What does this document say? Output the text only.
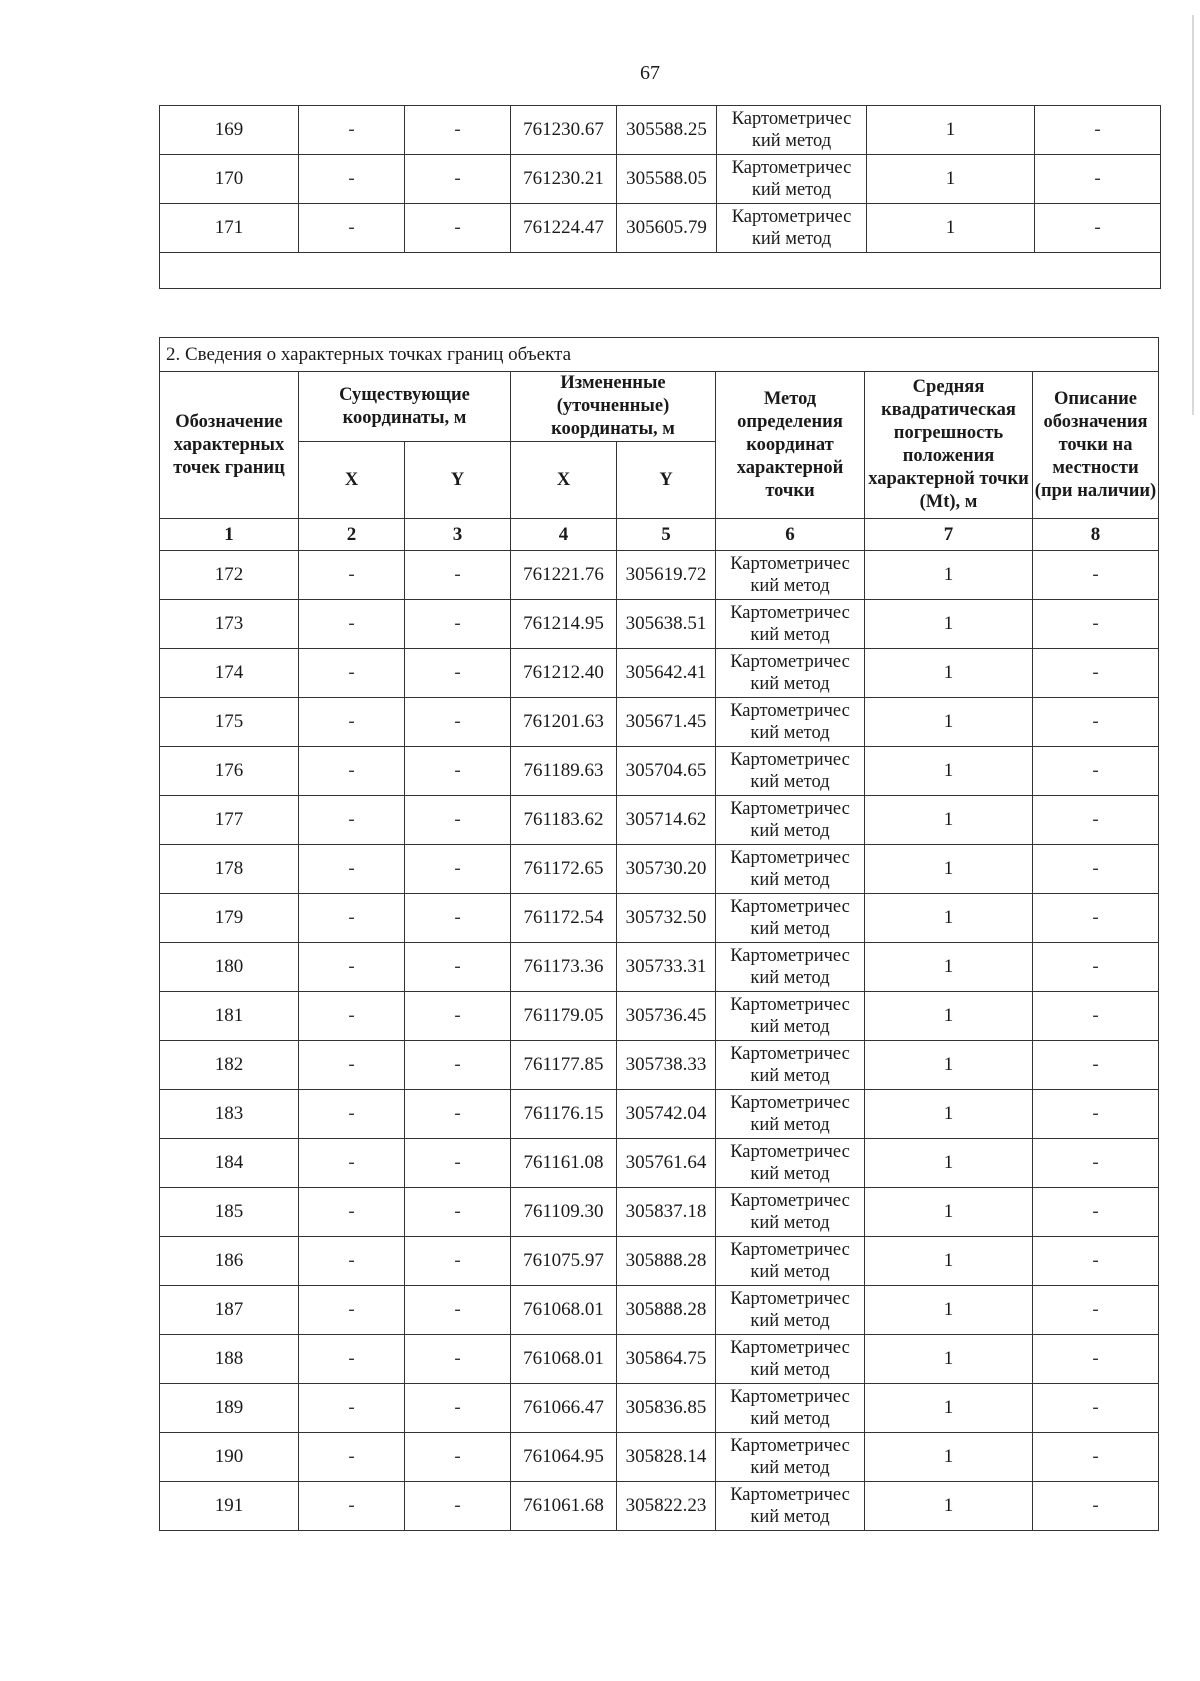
67
169	-	-	761230.67	305588.25	Картометричес
кий метод	1	-
170	-	-	761230.21	305588.05	Картометричес
кий метод	1	-
171	-	-	761224.47	305605.79	Картометричес
кий метод	1	-

2. Сведения о характерных точках границ объекта							
Обозначение характерных точек границ	Существующие координаты, м		Измененные (уточненные) координаты, м		Метод определения координат характерной точки	Средняя квадратическая погрешность положения характерной точки (Mt), м	Описание обозначения точки на местности (при наличии)
	X	Y	X	Y			
1	2	3	4	5	6	7	8
172	-	-	761221.76	305619.72	Картометричес
кий метод	1	-
173	-	-	761214.95	305638.51	Картометричес
кий метод	1	-
174	-	-	761212.40	305642.41	Картометричес
кий метод	1	-
175	-	-	761201.63	305671.45	Картометричес
кий метод	1	-
176	-	-	761189.63	305704.65	Картометричес
кий метод	1	-
177	-	-	761183.62	305714.62	Картометричес
кий метод	1	-
178	-	-	761172.65	305730.20	Картометричес
кий метод	1	-
179	-	-	761172.54	305732.50	Картометричес
кий метод	1	-
180	-	-	761173.36	305733.31	Картометричес
кий метод	1	-
181	-	-	761179.05	305736.45	Картометричес
кий метод	1	-
182	-	-	761177.85	305738.33	Картометричес
кий метод	1	-
183	-	-	761176.15	305742.04	Картометричес
кий метод	1	-
184	-	-	761161.08	305761.64	Картометричес
кий метод	1	-
185	-	-	761109.30	305837.18	Картометричес
кий метод	1	-
186	-	-	761075.97	305888.28	Картометричес
кий метод	1	-
187	-	-	761068.01	305888.28	Картометричес
кий метод	1	-
188	-	-	761068.01	305864.75	Картометричес
кий метод	1	-
189	-	-	761066.47	305836.85	Картометричес
кий метод	1	-
190	-	-	761064.95	305828.14	Картометричес
кий метод	1	-
191	-	-	761061.68	305822.23	Картометричес
кий метод	1	-
